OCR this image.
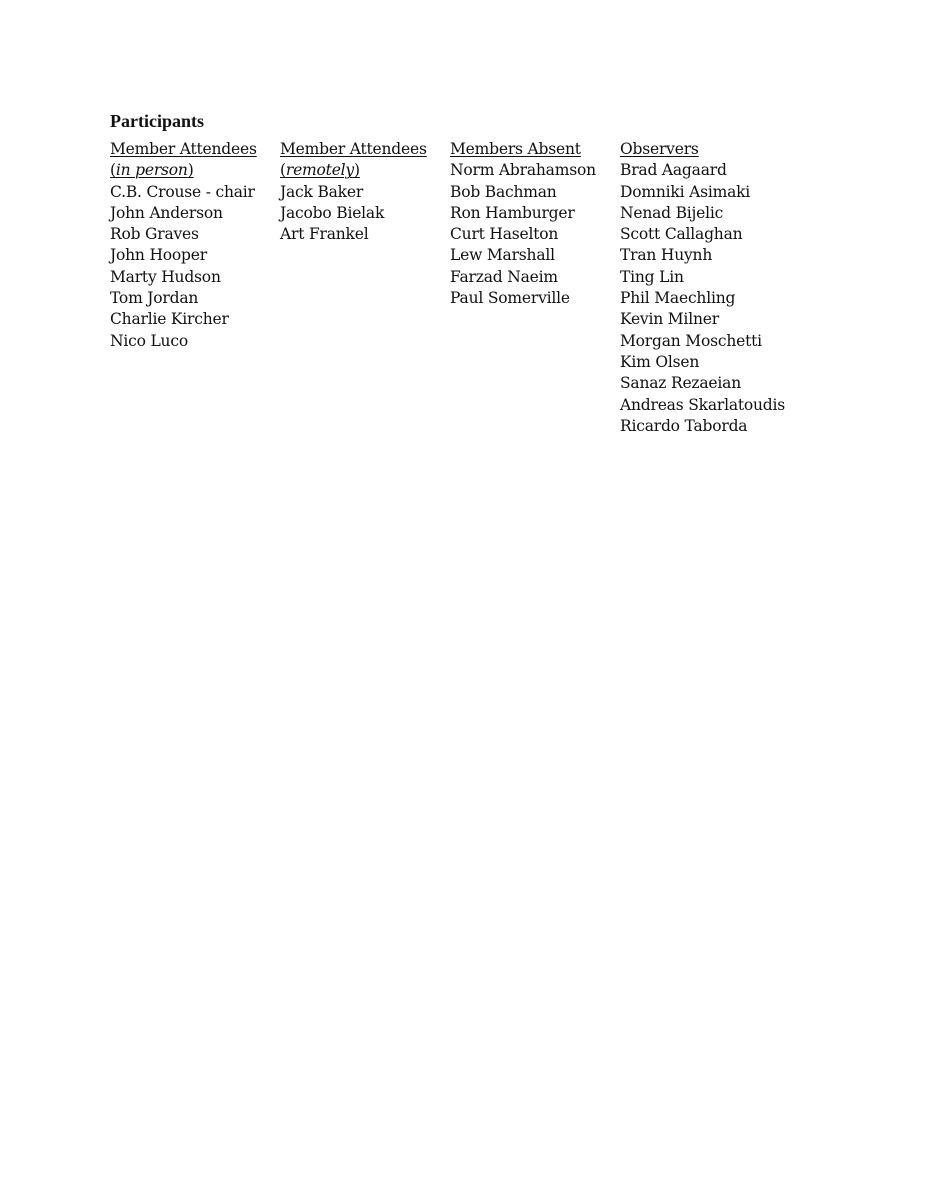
Participants
Member Attendees
(in person)
C.B. Crouse - chair
John Anderson
Rob Graves
John Hooper
Marty Hudson
Tom Jordan
Charlie Kircher
Nico Luco
Member Attendees
(remotely)
Jack Baker
Jacobo Bielak
Art Frankel
Members Absent
Norm Abrahamson
Bob Bachman
Ron Hamburger
Curt Haselton
Lew Marshall
Farzad Naeim
Paul Somerville
Observers
Brad Aagaard
Domniki Asimaki
Nenad Bijelic
Scott Callaghan
Tran Huynh
Ting Lin
Phil Maechling
Kevin Milner
Morgan Moschetti
Kim Olsen
Sanaz Rezaeian
Andreas Skarlatoudis
Ricardo Taborda
